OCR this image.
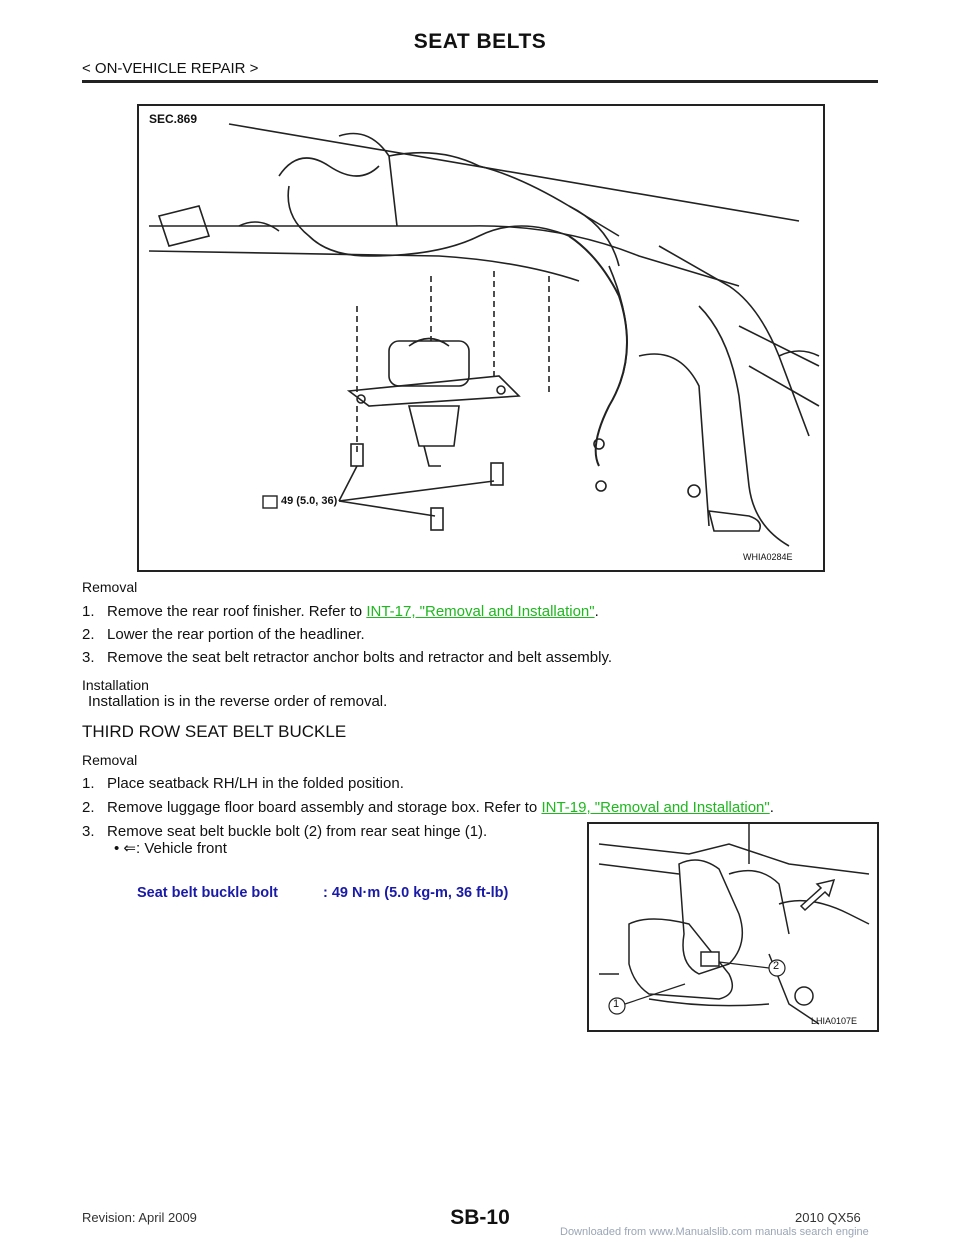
SEAT BELTS
< ON-VEHICLE REPAIR >
SEC.869
49 (5.0, 36)
WHIA0284E
Removal
1. Remove the rear roof finisher. Refer to INT-17, "Removal and Installation".
2. Lower the rear portion of the headliner.
3. Remove the seat belt retractor anchor bolts and retractor and belt assembly.
Installation
Installation is in the reverse order of removal.
THIRD ROW SEAT BELT BUCKLE
Removal
1. Place seatback RH/LH in the folded position.
2. Remove luggage floor board assembly and storage box. Refer to INT-19, "Removal and Installation".
3. Remove seat belt buckle bolt (2) from rear seat hinge (1).
• ⇐: Vehicle front
Seat belt buckle bolt	: 49 N·m (5.0 kg-m, 36 ft-lb)
1
2
LHIA0107E
Revision: April 2009	SB-10	2010 QX56
Downloaded from www.Manualslib.com manuals search engine
